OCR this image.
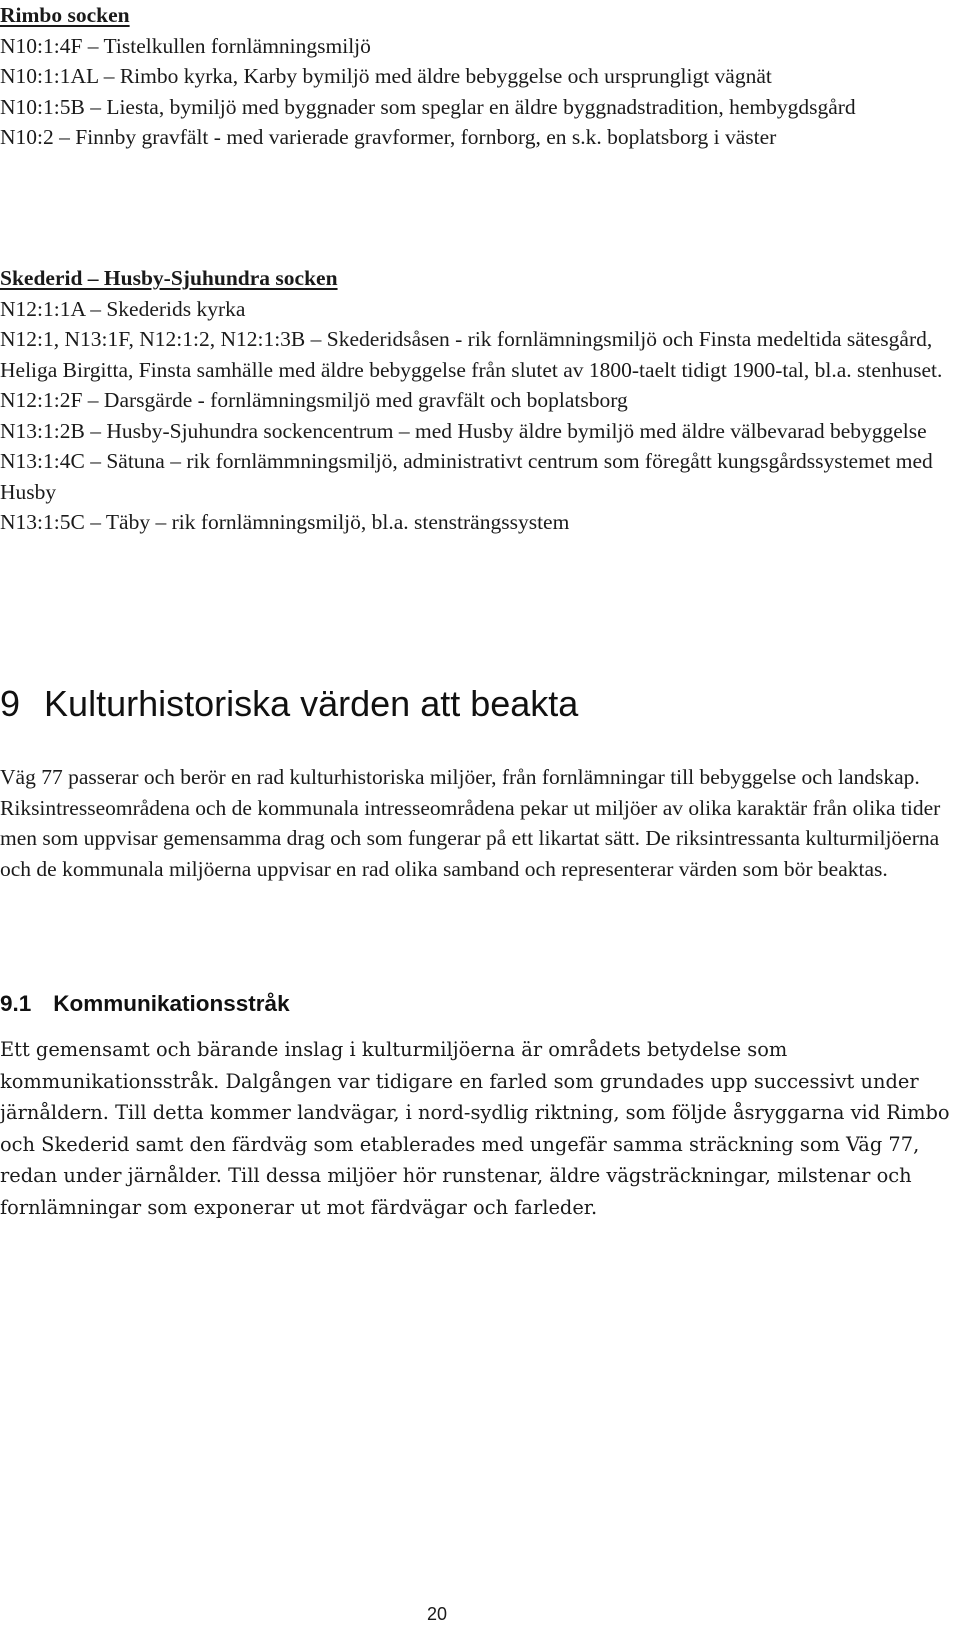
Rimbo socken

N10:1:4F – Tistelkullen fornlämningsmiljö

N10:1:1AL – Rimbo kyrka, Karby bymiljö med äldre bebyggelse och ursprungligt vägnät

N10:1:5B – Liesta, bymiljö med byggnader som speglar en äldre byggnadstradition, hembygdsgård

N10:2 – Finnby gravfält - med varierade gravformer, fornborg, en s.k. boplatsborg i väster

Skederid – Husby-Sjuhundra socken

N12:1:1A – Skederids kyrka

N12:1, N13:1F, N12:1:2, N12:1:3B – Skederidsåsen - rik fornlämningsmiljö och Finsta medeltida sätesgård, Heliga Birgitta, Finsta samhälle med äldre bebyggelse från slutet av 1800-taelt tidigt 1900-tal, bl.a. stenhuset.

N12:1:2F – Darsgärde - fornlämningsmiljö med gravfält och boplatsborg

N13:1:2B – Husby-Sjuhundra sockencentrum – med Husby äldre bymiljö med äldre välbevarad bebyggelse

N13:1:4C – Sätuna – rik fornlämmningsmiljö, administrativt centrum som föregått kungsgårdssystemet med Husby

N13:1:5C – Täby – rik fornlämningsmiljö, bl.a. stensträngssystem

9 Kulturhistoriska värden att beakta

Väg 77 passerar och berör en rad kulturhistoriska miljöer, från fornlämningar till bebyggelse och landskap. Riksintresseområdena och de kommunala intresseområdena pekar ut miljöer av olika karaktär från olika tider men som uppvisar gemensamma drag och som fungerar på ett likartat sätt. De riksintressanta kulturmiljöerna och de kommunala miljöerna uppvisar en rad olika samband och representerar värden som bör beaktas.

9.1 Kommunikationsstråk

Ett gemensamt och bärande inslag i kulturmiljöerna är områdets betydelse som kommunikationsstråk. Dalgången var tidigare en farled som grundades upp successivt under järnåldern. Till detta kommer landvägar, i nord-sydlig riktning, som följde åsryggarna vid Rimbo och Skederid samt den färdväg som etablerades med ungefär samma sträckning som Väg 77, redan under järnålder. Till dessa miljöer hör runstenar, äldre vägsträckningar, milstenar och fornlämningar som exponerar ut mot färdvägar och farleder.

20
